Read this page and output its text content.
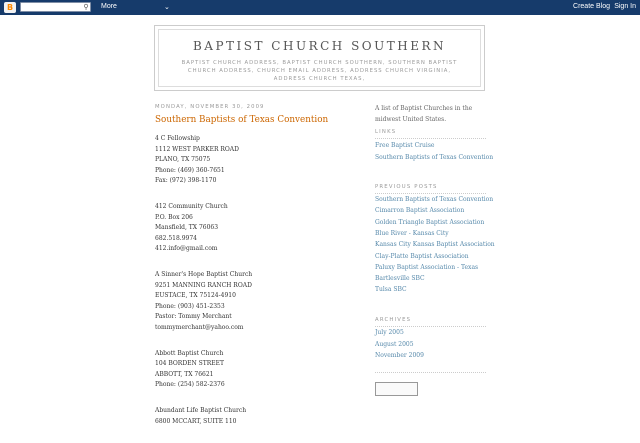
B	⚲ More	⌄	Create Blog Sign In
BAPTIST CHURCH SOUTHERN
BAPTIST CHURCH ADDRESS, BAPTIST CHURCH SOUTHERN, SOUTHERN BAPTIST CHURCH ADDRESS, CHURCH EMAIL ADDRESS, ADDRESS CHURCH VIRGINIA, ADDRESS CHURCH TEXAS,
MONDAY, NOVEMBER 30, 2009
Southern Baptists of Texas Convention
4 C Fellowship
1112 WEST PARKER ROAD
PLANO, TX 75075
Phone: (469) 360-7651
Fax: (972) 398-1170
412 Community Church
P.O. Box 206
Mansfield, TX 76063
682.518.9974
412.info@gmail.com
A Sinner's Hope Baptist Church
9251 MANNING RANCH ROAD
EUSTACE, TX 75124-4910
Phone: (903) 451-2353
Pastor: Tommy Merchant
tommymerchant@yahoo.com
Abbott Baptist Church
104 BORDEN STREET
ABBOTT, TX 76621
Phone: (254) 582-2376
Abundant Life Baptist Church
6800 MCCART, SUITE 110
A list of Baptist Churches in the midwest United States.
LINKS
PREVIOUS POSTS
ARCHIVES
Free Baptist Cruise
Southern Baptists of Texas Convention
Southern Baptists of Texas Convention
Cimarron Baptist Association
Golden Triangle Baptist Association
Blue River - Kansas City
Kansas City Kansas Baptist Association
Clay-Platte Baptist Association
Paluxy Baptist Association - Texas
Bartlesville SBC
Tulsa SBC
July 2005
August 2005
November 2009
